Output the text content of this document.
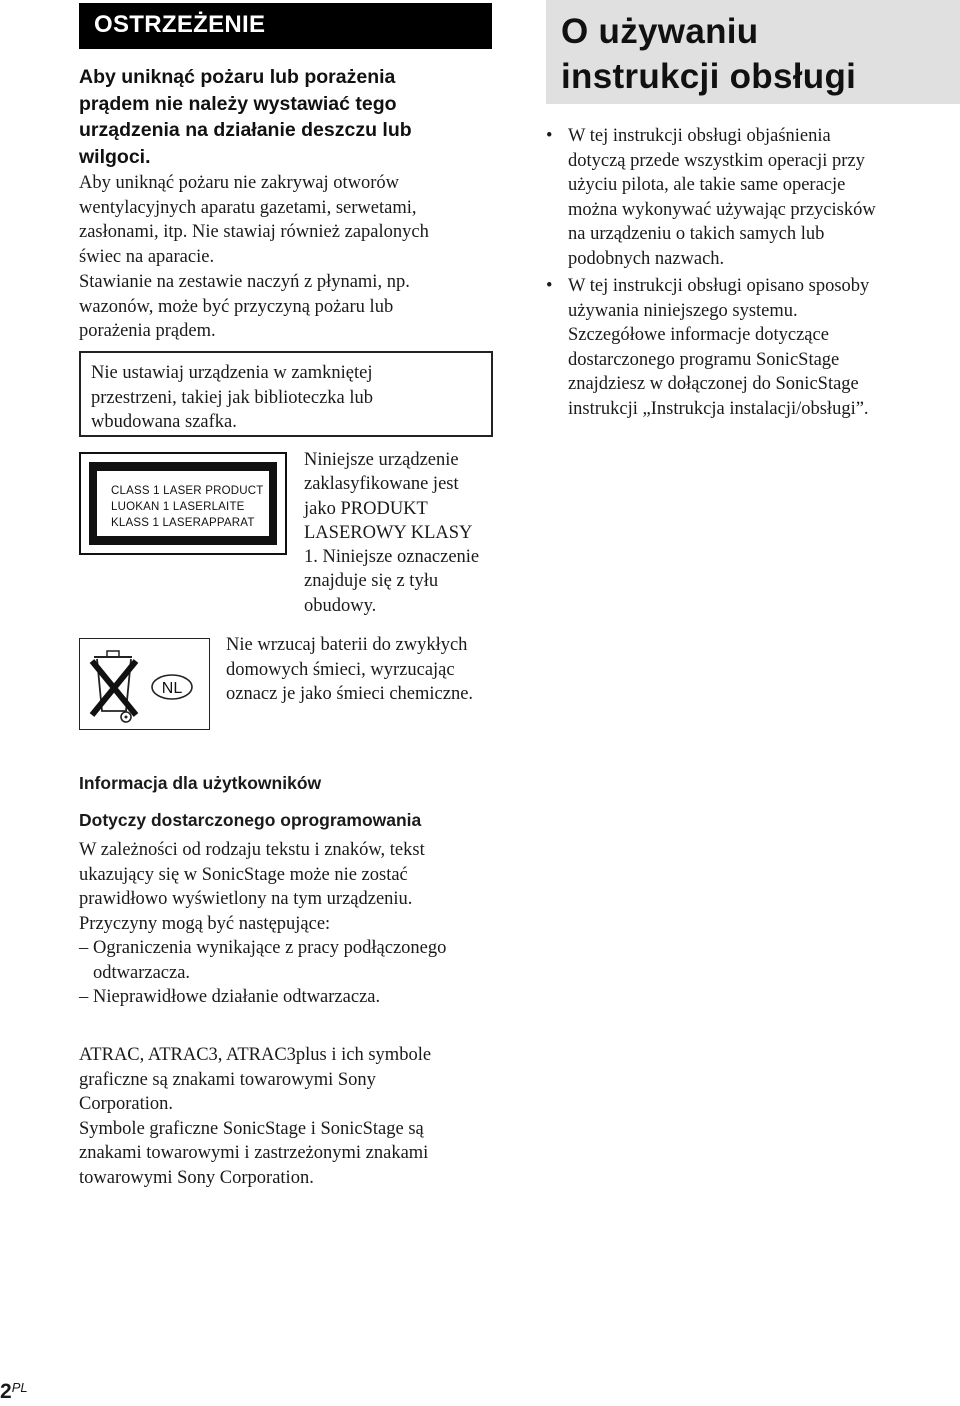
OSTRZEŻENIE
Aby uniknąć pożaru lub porażenia
prądem nie należy wystawiać tego
urządzenia na działanie deszczu lub
wilgoci.
Aby uniknąć pożaru nie zakrywaj otworów
wentylacyjnych aparatu gazetami, serwetami,
zasłonami, itp. Nie stawiaj również zapalonych
świec na aparacie.
Stawianie na zestawie naczyń z płynami, np.
wazonów, może być przyczyną pożaru lub
porażenia prądem.
Nie ustawiaj urządzenia w zamkniętej
przestrzeni, takiej jak biblioteczka lub
wbudowana szafka.
CLASS 1 LASER PRODUCT
LUOKAN 1 LASERLAITE
KLASS 1 LASERAPPARAT
Niniejsze urządzenie
zaklasyfikowane jest
jako PRODUKT
LASEROWY KLASY
1. Niniejsze oznaczenie
znajduje się z tyłu
obudowy.
NL
Nie wrzucaj baterii do zwykłych
domowych śmieci, wyrzucając
oznacz je jako śmieci chemiczne.
Informacja dla użytkowników
Dotyczy dostarczonego oprogramowania
W zależności od rodzaju tekstu i znaków, tekst
ukazujący się w SonicStage może nie zostać
prawidłowo wyświetlony na tym urządzeniu.
Przyczyny mogą być następujące:
– Ograniczenia wynikające z pracy podłączonego
odtwarzacza.
– Nieprawidłowe działanie odtwarzacza.
ATRAC, ATRAC3, ATRAC3plus i ich symbole
graficzne są znakami towarowymi Sony
Corporation.
Symbole graficzne SonicStage i SonicStage są
znakami towarowymi i zastrzeżonymi znakami
towarowymi Sony Corporation.
O używaniu
instrukcji obsługi
• W tej instrukcji obsługi objaśnienia
dotyczą przede wszystkim operacji przy
użyciu pilota, ale takie same operacje
można wykonywać używając przycisków
na urządzeniu o takich samych lub
podobnych nazwach.
• W tej instrukcji obsługi opisano sposoby
używania niniejszego systemu.
Szczegółowe informacje dotyczące
dostarczonego programu SonicStage
znajdziesz w dołączonej do SonicStage
instrukcji „Instrukcja instalacji/obsługi”.
$2^{PL}$
